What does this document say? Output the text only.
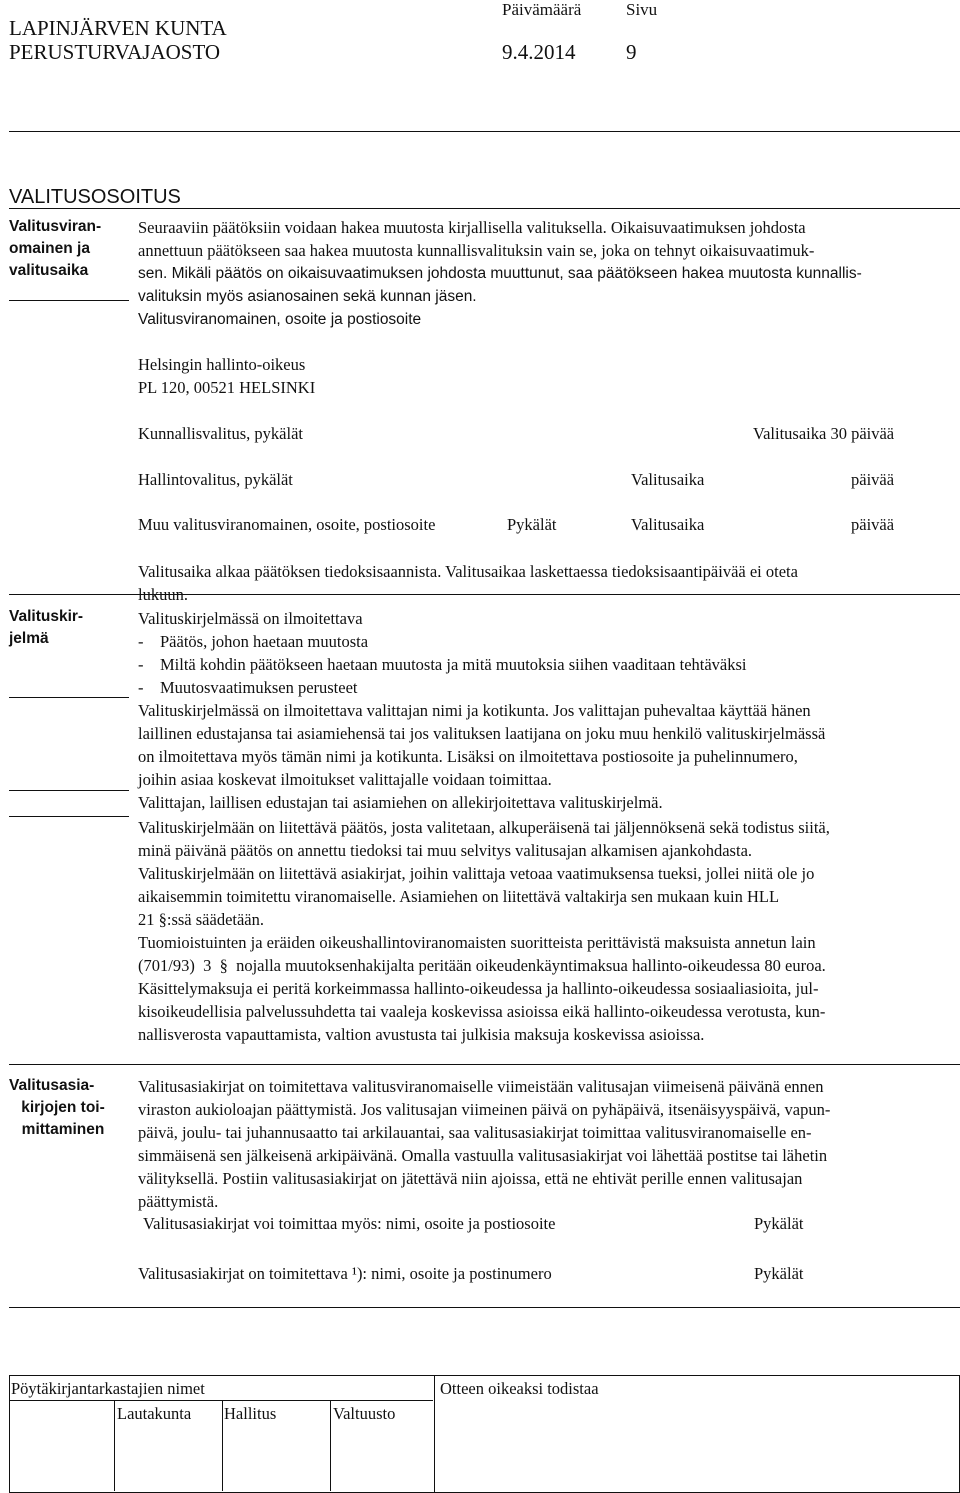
LAPINJÄRVEN KUNTA
PERUSTURVAJAOSTO
Päivämäärä
9.4.2014
Sivu
9
VALITUSOSOITUS

Valitusviran-

omainen ja

valitusaika

Seuraaviin päätöksiin voidaan hakea muutosta kirjallisella valituksella. Oikaisuvaatimuksen johdosta

annettuun päätökseen saa hakea muutosta kunnallisvalituksin vain se, joka on tehnyt oikaisuvaatimuk-

sen. Mikäli päätös on oikaisuvaatimuksen johdosta muuttunut, saa päätökseen hakea muutosta kunnallis-

valituksin myös asianosainen sekä kunnan jäsen.

Valitusviranomainen, osoite ja postiosoite
Helsingin hallinto-oikeus
PL 120, 00521 HELSINKI
Kunnallisvalitus, pykälät	Valitusaika 30 päivää
Hallintovalitus, pykälät	Valitusaika	päivää
Muu valitusviranomainen, osoite, postiosoite	Pykälät	Valitusaika	päivää

Valitusaika alkaa päätöksen tiedoksisaannista. Valitusaikaa laskettaessa tiedoksisaantipäivää ei oteta

lukuun.

Valituskir-

jelmä

Valituskirjelmässä on ilmoitettava

-    Päätös, johon haetaan muutosta

-    Miltä kohdin päätökseen haetaan muutosta ja mitä muutoksia siihen vaaditaan tehtäväksi

-    Muutosvaatimuksen perusteet

Valituskirjelmässä on ilmoitettava valittajan nimi ja kotikunta. Jos valittajan puhevaltaa käyttää hänen

laillinen edustajansa tai asiamiehensä tai jos valituksen laatijana on joku muu henkilö valituskirjelmässä

on ilmoitettava myös tämän nimi ja kotikunta. Lisäksi on ilmoitettava postiosoite ja puhelinnumero,

joihin asiaa koskevat ilmoitukset valittajalle voidaan toimittaa.

Valittajan, laillisen edustajan tai asiamiehen on allekirjoitettava valituskirjelmä.

Valituskirjelmään on liitettävä päätös, josta valitetaan, alkuperäisenä tai jäljennöksenä sekä todistus siitä,

minä päivänä päätös on annettu tiedoksi tai muu selvitys valitusajan alkamisen ajankohdasta.

Valituskirjelmään on liitettävä asiakirjat, joihin valittaja vetoaa vaatimuksensa tueksi, jollei niitä ole jo

aikaisemmin toimitettu viranomaiselle. Asiamiehen on liitettävä valtakirja sen mukaan kuin HLL

21 §:ssä säädetään.

Tuomioistuinten ja eräiden oikeushallintoviranomaisten suoritteista perittävistä maksuista annetun lain

(701/93)  3  §  nojalla muutoksenhakijalta peritään oikeudenkäyntimaksua hallinto-oikeudessa 80 euroa.

Käsittelymaksuja ei peritä korkeimmassa hallinto-oikeudessa ja hallinto-oikeudessa sosiaaliasioita, jul-

kisoikeudellisia palvelussuhdetta tai vaaleja koskevissa asioissa eikä hallinto-oikeudessa verotusta, kun-

nallisverosta vapauttamista, valtion avustusta tai julkisia maksuja koskevissa asioissa.

Valitusasia-

kirjojen toi-

mittaminen

Valitusasiakirjat on toimitettava valitusviranomaiselle viimeistään valitusajan viimeisenä päivänä ennen

viraston aukioloajan päättymistä. Jos valitusajan viimeinen päivä on pyhäpäivä, itsenäisyyspäivä, vapun-

päivä, joulu- tai juhannusaatto tai arkilauantai, saa valitusasiakirjat toimittaa valitusviranomaiselle en-

simmäisenä sen jälkeisenä arkipäivänä. Omalla vastuulla valitusasiakirjat voi lähettää postitse tai lähetin

välityksellä. Postiin valitusasiakirjat on jätettävä niin ajoissa, että ne ehtivät perille ennen valitusajan

päättymistä.

Valitusasiakirjat voi toimittaa myös: nimi, osoite ja postiosoite	Pykälät
Valitusasiakirjat on toimitettava ¹): nimi, osoite ja postinumero	Pykälät
Pöytäkirjantarkastajien nimet	Otteen oikeaksi todistaa
Lautakunta Hallitus	Valtuusto
